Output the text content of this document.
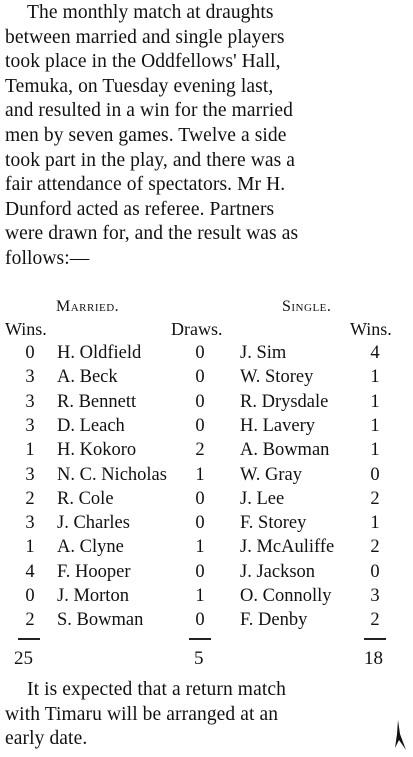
The monthly match at draughts
between married and single players
took place in the Oddfellows' Hall,
Temuka, on Tuesday evening last,
and resulted in a win for the married
men by seven games. Twelve a side
took part in the play, and there was a
fair attendance of spectators. Mr H.
Dunford acted as referee. Partners
were drawn for, and the result was as
follows:—
Married.	Single.
Wins.	Draws.	Wins.
0 H. Oldfield	0 J. Sim	4
3 A. Beck	0 W. Storey	1
3 R. Bennett	0 R. Drysdale 1
3 D. Leach	0 H. Lavery	1
1 H. Kokoro	2 A. Bowman 1
3 N. C. Nicholas 1 W. Gray	0
2 R. Cole	0 J. Lee	2
3 J. Charles	0 F. Storey	1
1 A. Clyne	1 J. McAuliffe 2
4 F. Hooper	0 J. Jackson	0
0 J. Morton	1 O. Connolly 3
2 S. Bowman	0 F. Denby	2
25	5	18
It is expected that a return match
with Timaru will be arranged at an
early date.
